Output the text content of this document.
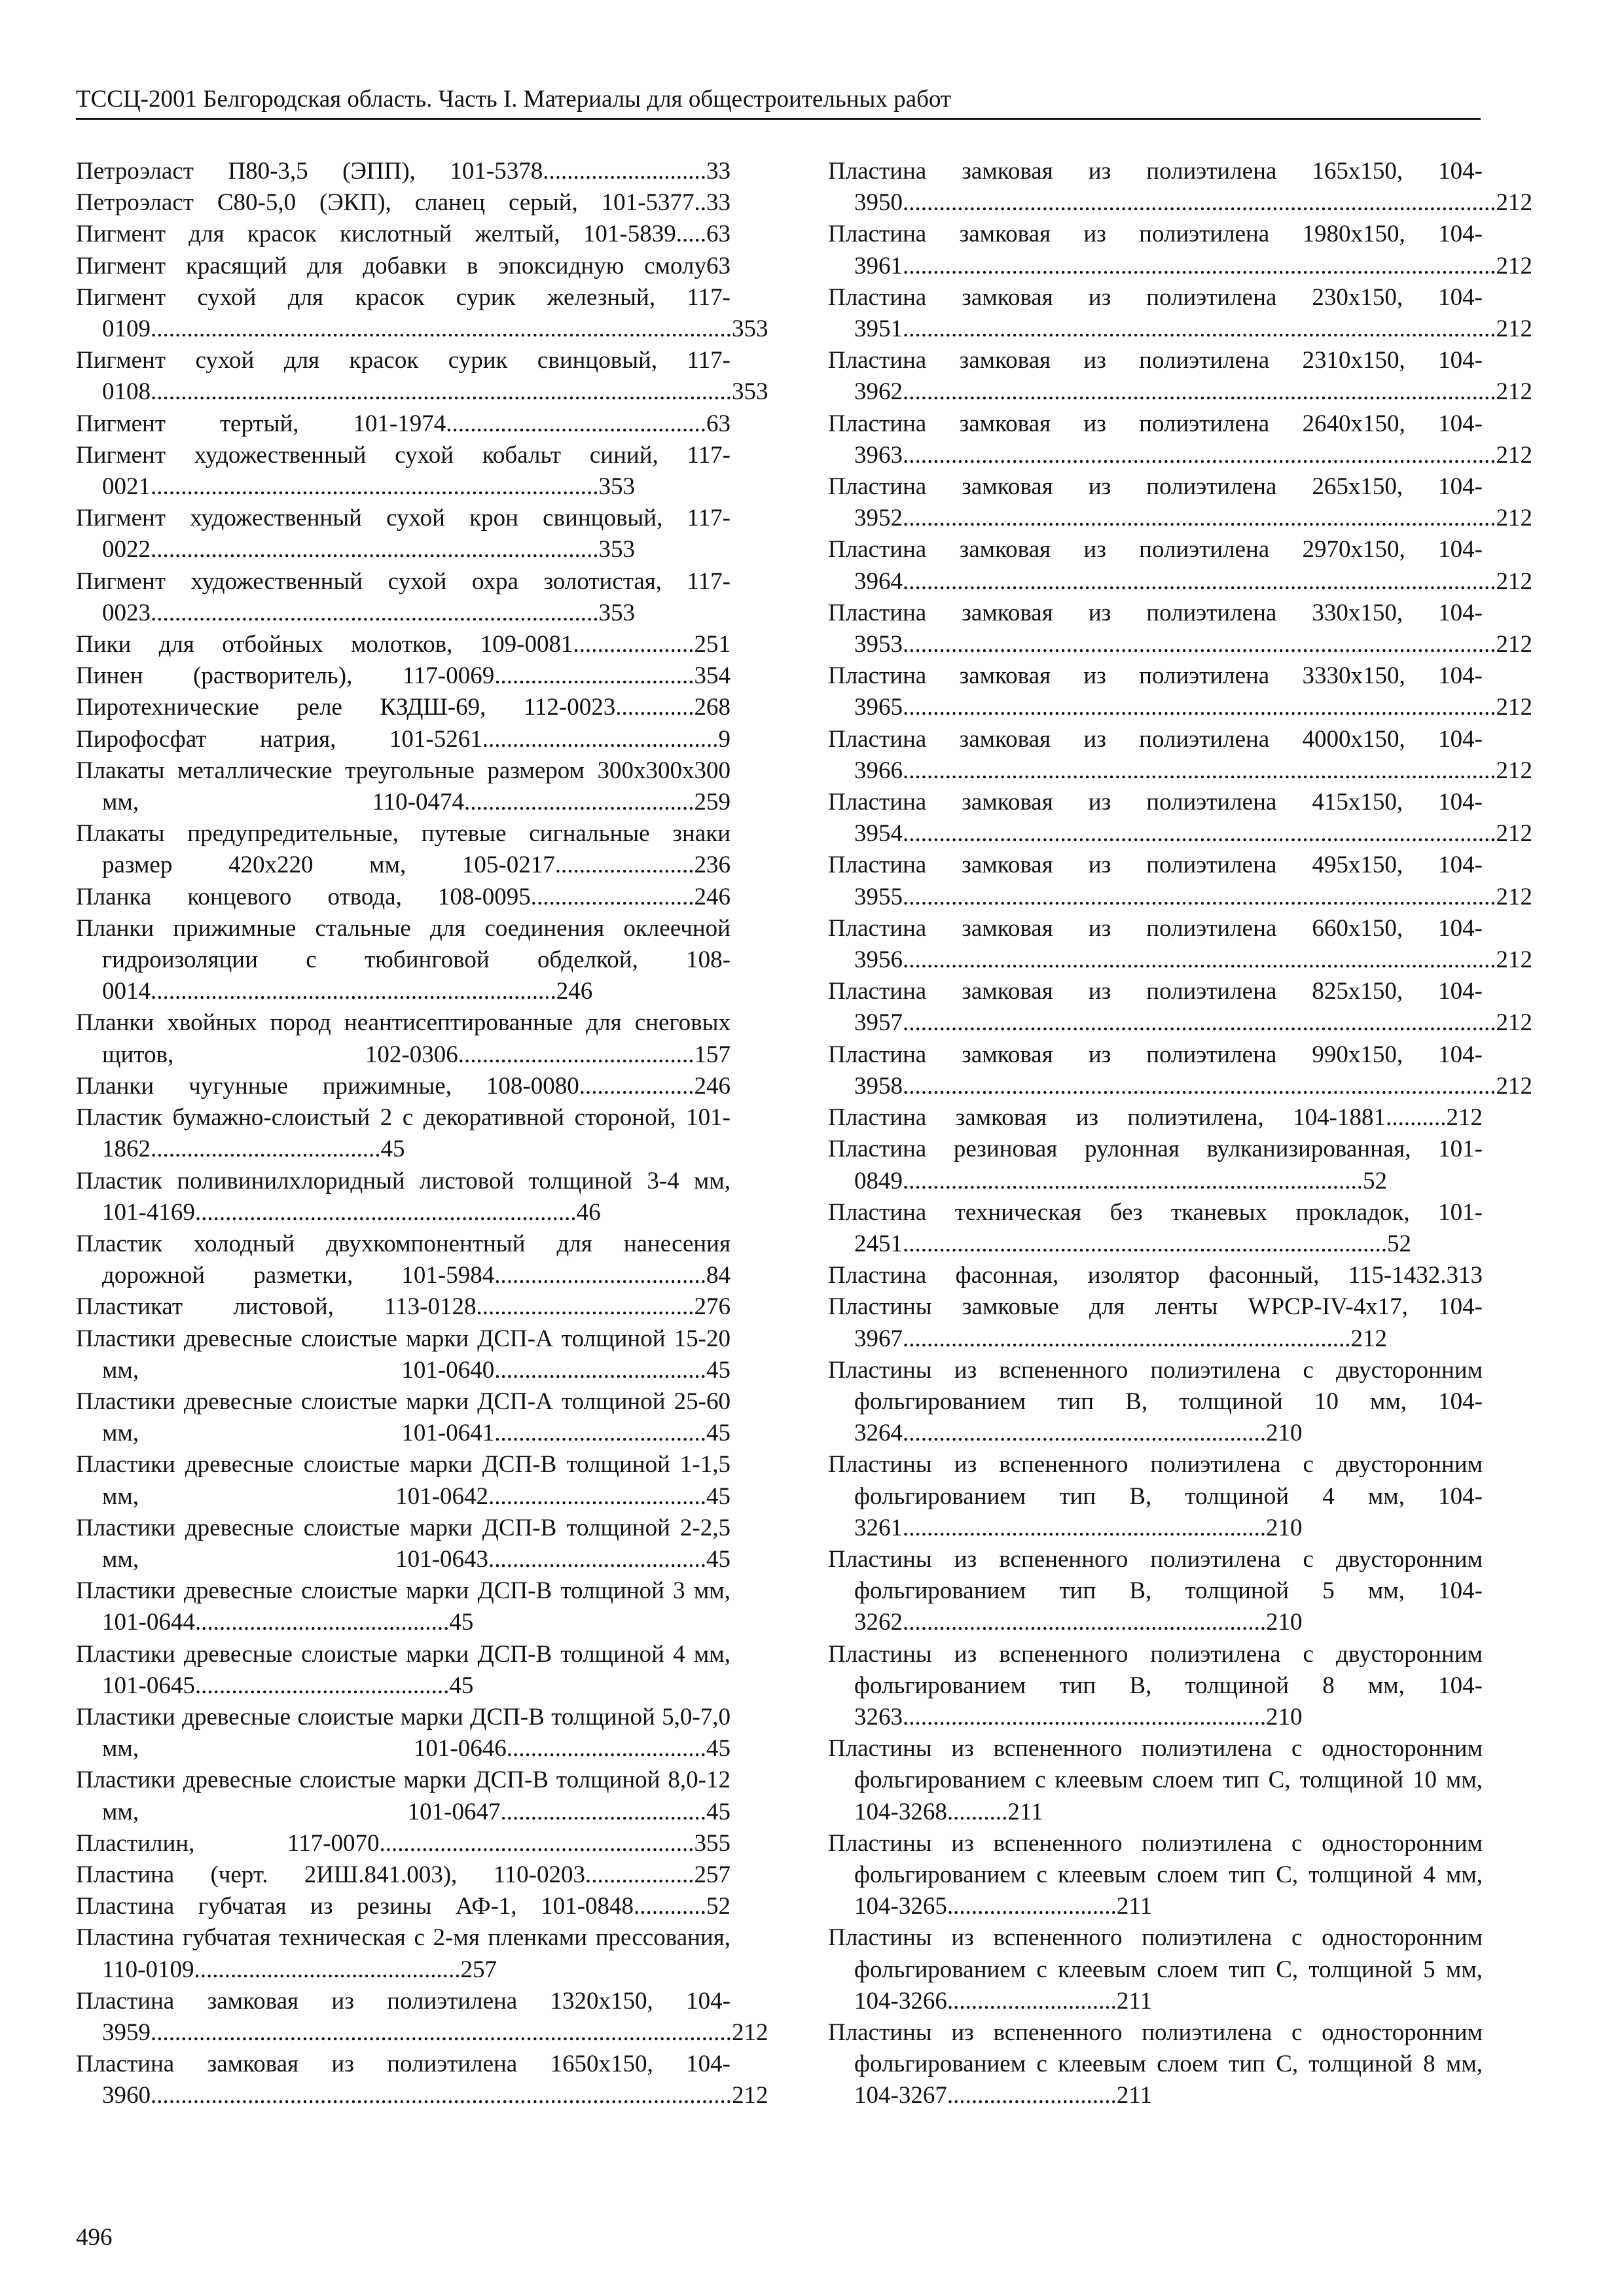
ТССЦ-2001 Белгородская область. Часть I. Материалы для общестроительных работ
Петроэласт П80-3,5 (ЭПП), 101-5378...........................33
Петроэласт С80-5,0 (ЭКП), сланец серый, 101-5377..33
Пигмент для красок кислотный желтый, 101-5839.....63
Пигмент красящий для добавки в эпоксидную смолу63
Пигмент сухой для красок сурик железный, 117-0109................................................................................................353
Пигмент сухой для красок сурик свинцовый, 117-0108................................................................................................353
Пигмент тертый, 101-1974...........................................63
Пигмент художественный сухой кобальт синий, 117-0021..........................................................................353
Пигмент художественный сухой крон свинцовый, 117-0022..........................................................................353
Пигмент художественный сухой охра золотистая, 117-0023..........................................................................353
Пики для отбойных молотков, 109-0081....................251
Пинен (растворитель), 117-0069.................................354
Пиротехнические реле КЗДШ-69, 112-0023.............268
Пирофосфат натрия, 101-5261.......................................9
Плакаты металлические треугольные размером 300x300x300 мм, 110-0474......................................259
Плакаты предупредительные, путевые сигнальные знаки размер 420x220 мм, 105-0217.......................236
Планка концевого отвода, 108-0095...........................246
Планки прижимные стальные для соединения оклеечной гидроизоляции с тюбинговой обделкой, 108-0014...................................................................246
Планки хвойных пород неантисептированные для снеговых щитов, 102-0306.......................................157
Планки чугунные прижимные, 108-0080...................246
Пластик бумажно-слоистый 2 с декоративной стороной, 101-1862......................................45
Пластик поливинилхлоридный листовой толщиной 3-4 мм, 101-4169...............................................................46
Пластик холодный двухкомпонентный для нанесения дорожной разметки, 101-5984...................................84
Пластикат листовой, 113-0128....................................276
Пластики древесные слоистые марки ДСП-А толщиной 15-20 мм, 101-0640...................................45
Пластики древесные слоистые марки ДСП-А толщиной 25-60 мм, 101-0641...................................45
Пластики древесные слоистые марки ДСП-В толщиной 1-1,5 мм, 101-0642....................................45
Пластики древесные слоистые марки ДСП-В толщиной 2-2,5 мм, 101-0643....................................45
Пластики древесные слоистые марки ДСП-В толщиной 3 мм, 101-0644..........................................45
Пластики древесные слоистые марки ДСП-В толщиной 4 мм, 101-0645..........................................45
Пластики древесные слоистые марки ДСП-В толщиной 5,0-7,0 мм, 101-0646.................................45
Пластики древесные слоистые марки ДСП-В толщиной 8,0-12 мм, 101-0647..................................45
Пластилин, 117-0070....................................................355
Пластина (черт. 2ИШ.841.003), 110-0203..................257
Пластина губчатая из резины АФ-1, 101-0848............52
Пластина губчатая техническая с 2-мя пленками прессования, 110-0109............................................257
Пластина замковая из полиэтилена 1320x150, 104-3959................................................................................................212
Пластина замковая из полиэтилена 1650x150, 104-3960................................................................................................212
Пластина замковая из полиэтилена 165x150, 104-3950..................................................................................................212
Пластина замковая из полиэтилена 1980x150, 104-3961..................................................................................................212
Пластина замковая из полиэтилена 230x150, 104-3951..................................................................................................212
Пластина замковая из полиэтилена 2310x150, 104-3962..................................................................................................212
Пластина замковая из полиэтилена 2640x150, 104-3963..................................................................................................212
Пластина замковая из полиэтилена 265x150, 104-3952..................................................................................................212
Пластина замковая из полиэтилена 2970x150, 104-3964..................................................................................................212
Пластина замковая из полиэтилена 330x150, 104-3953..................................................................................................212
Пластина замковая из полиэтилена 3330x150, 104-3965..................................................................................................212
Пластина замковая из полиэтилена 4000x150, 104-3966..................................................................................................212
Пластина замковая из полиэтилена 415x150, 104-3954..................................................................................................212
Пластина замковая из полиэтилена 495x150, 104-3955..................................................................................................212
Пластина замковая из полиэтилена 660x150, 104-3956..................................................................................................212
Пластина замковая из полиэтилена 825x150, 104-3957..................................................................................................212
Пластина замковая из полиэтилена 990x150, 104-3958..................................................................................................212
Пластина замковая из полиэтилена, 104-1881..........212
Пластина резиновая рулонная вулканизированная, 101-0849............................................................................52
Пластина техническая без тканевых прокладок, 101-2451................................................................................52
Пластина фасонная, изолятор фасонный, 115-1432.313
Пластины замковые для ленты WPCP-IV-4x17, 104-3967..........................................................................212
Пластины из вспененного полиэтилена с двусторонним фольгированием тип В, толщиной 10 мм, 104-3264............................................................210
Пластины из вспененного полиэтилена с двусторонним фольгированием тип В, толщиной 4 мм, 104-3261............................................................210
Пластины из вспененного полиэтилена с двусторонним фольгированием тип В, толщиной 5 мм, 104-3262............................................................210
Пластины из вспененного полиэтилена с двусторонним фольгированием тип В, толщиной 8 мм, 104-3263............................................................210
Пластины из вспененного полиэтилена с односторонним фольгированием с клеевым слоем тип С, толщиной 10 мм, 104-3268..........211
Пластины из вспененного полиэтилена с односторонним фольгированием с клеевым слоем тип С, толщиной 4 мм, 104-3265............................211
Пластины из вспененного полиэтилена с односторонним фольгированием с клеевым слоем тип С, толщиной 5 мм, 104-3266............................211
Пластины из вспененного полиэтилена с односторонним фольгированием с клеевым слоем тип С, толщиной 8 мм, 104-3267............................211
496
